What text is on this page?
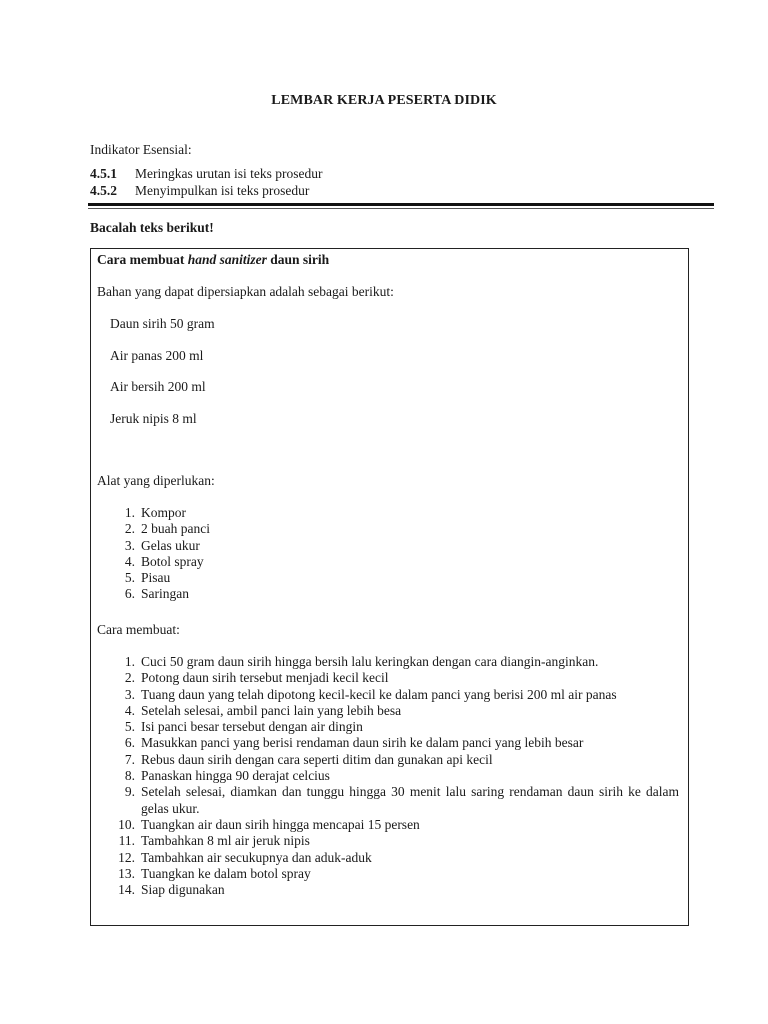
LEMBAR KERJA PESERTA DIDIK
Indikator Esensial:
4.5.1	Meringkas urutan isi teks prosedur
4.5.2	Menyimpulkan isi teks prosedur
Bacalah teks berikut!
Cara membuat hand sanitizer daun sirih
Bahan yang dapat dipersiapkan adalah sebagai berikut:
Daun sirih 50 gram
Air panas 200 ml
Air bersih 200 ml
Jeruk nipis 8 ml
Alat yang diperlukan:
1. Kompor
2. 2 buah panci
3. Gelas ukur
4. Botol spray
5. Pisau
6. Saringan
Cara membuat:
1. Cuci 50 gram daun sirih hingga bersih lalu keringkan dengan cara diangin-anginkan.
2. Potong daun sirih tersebut menjadi kecil kecil
3. Tuang daun yang telah dipotong kecil-kecil ke dalam panci yang berisi 200 ml air panas
4. Setelah selesai, ambil panci lain yang lebih besa
5. Isi panci besar tersebut dengan air dingin
6. Masukkan panci yang berisi rendaman daun sirih ke dalam panci yang lebih besar
7. Rebus daun sirih dengan cara seperti ditim dan gunakan api kecil
8. Panaskan hingga 90 derajat celcius
9. Setelah selesai, diamkan dan tunggu hingga 30 menit lalu saring rendaman daun sirih ke dalam gelas ukur.
10. Tuangkan air daun sirih hingga mencapai 15 persen
11. Tambahkan 8 ml air jeruk nipis
12. Tambahkan air secukupnya dan aduk-aduk
13. Tuangkan ke dalam botol spray
14. Siap digunakan
